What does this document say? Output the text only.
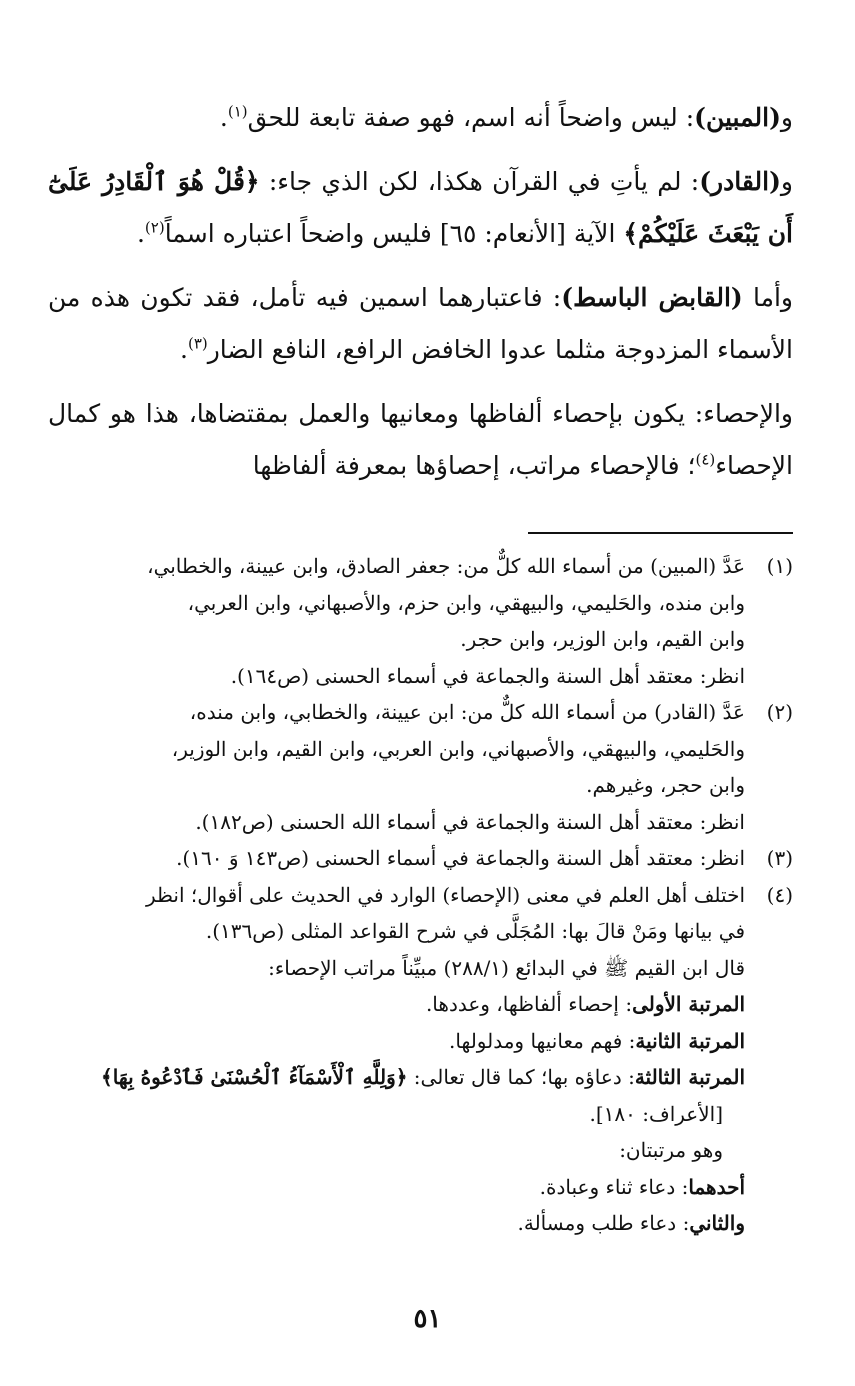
و(المبين): ليس واضحاً أنه اسم، فهو صفة تابعة للحق$^{(١)}$.

و(القادر): لم يأتِ في القرآن هكذا، لكن الذي جاء: ﴿قُلْ هُوَ ٱلْقَادِرُ عَلَىٰٓ أَن يَبْعَثَ عَلَيْكُمْ﴾ الآية [الأنعام: ٦٥] فليس واضحاً اعتباره اسماً$^{(٢)}$.

وأما (القابض الباسط): فاعتبارهما اسمين فيه تأمل، فقد تكون هذه من الأسماء المزدوجة مثلما عدوا الخافض الرافع، النافع الضار$^{(٣)}$.

والإحصاء: يكون بإحصاء ألفاظها ومعانيها والعمل بمقتضاها، هذا هو كمال الإحصاء$^{(٤)}$؛ فالإحصاء مراتب، إحصاؤها بمعرفة ألفاظها

(١)
عَدَّ (المبين) من أسماء الله كلٌّ من: جعفر الصادق، وابن عيينة، والخطابي،
وابن منده، والحَليمي، والبيهقي، وابن حزم، والأصبهاني، وابن العربي،
وابن القيم، وابن الوزير، وابن حجر.
انظر: معتقد أهل السنة والجماعة في أسماء الحسنى (ص١٦٤).
(٢)
عَدَّ (القادر) من أسماء الله كلٌّ من: ابن عيينة، والخطابي، وابن منده،
والحَليمي، والبيهقي، والأصبهاني، وابن العربي، وابن القيم، وابن الوزير،
وابن حجر، وغيرهم.
انظر: معتقد أهل السنة والجماعة في أسماء الله الحسنى (ص١٨٢).
(٣)
انظر: معتقد أهل السنة والجماعة في أسماء الحسنى (ص١٤٣ وَ ١٦٠).
(٤)
اختلف أهل العلم في معنى (الإحصاء) الوارد في الحديث على أقوال؛ انظر
في بيانها ومَنْ قالَ بها: المُجَلَّى في شرح القواعد المثلى (ص١٣٦).
قال ابن القيم ﷺ في البدائع (٢٨٨/١) مبيِّناً مراتب الإحصاء:
المرتبة الأولى: إحصاء ألفاظها، وعددها.
المرتبة الثانية: فهم معانيها ومدلولها.
المرتبة الثالثة: دعاؤه بها؛ كما قال تعالى: ﴿وَلِلَّهِ ٱلْأَسْمَآءُ ٱلْحُسْنَىٰ فَٱدْعُوهُ بِهَا﴾
[الأعراف: ١٨٠].
وهو مرتبتان:
أحدهما: دعاء ثناء وعبادة.
والثاني: دعاء طلب ومسألة.
٥١
